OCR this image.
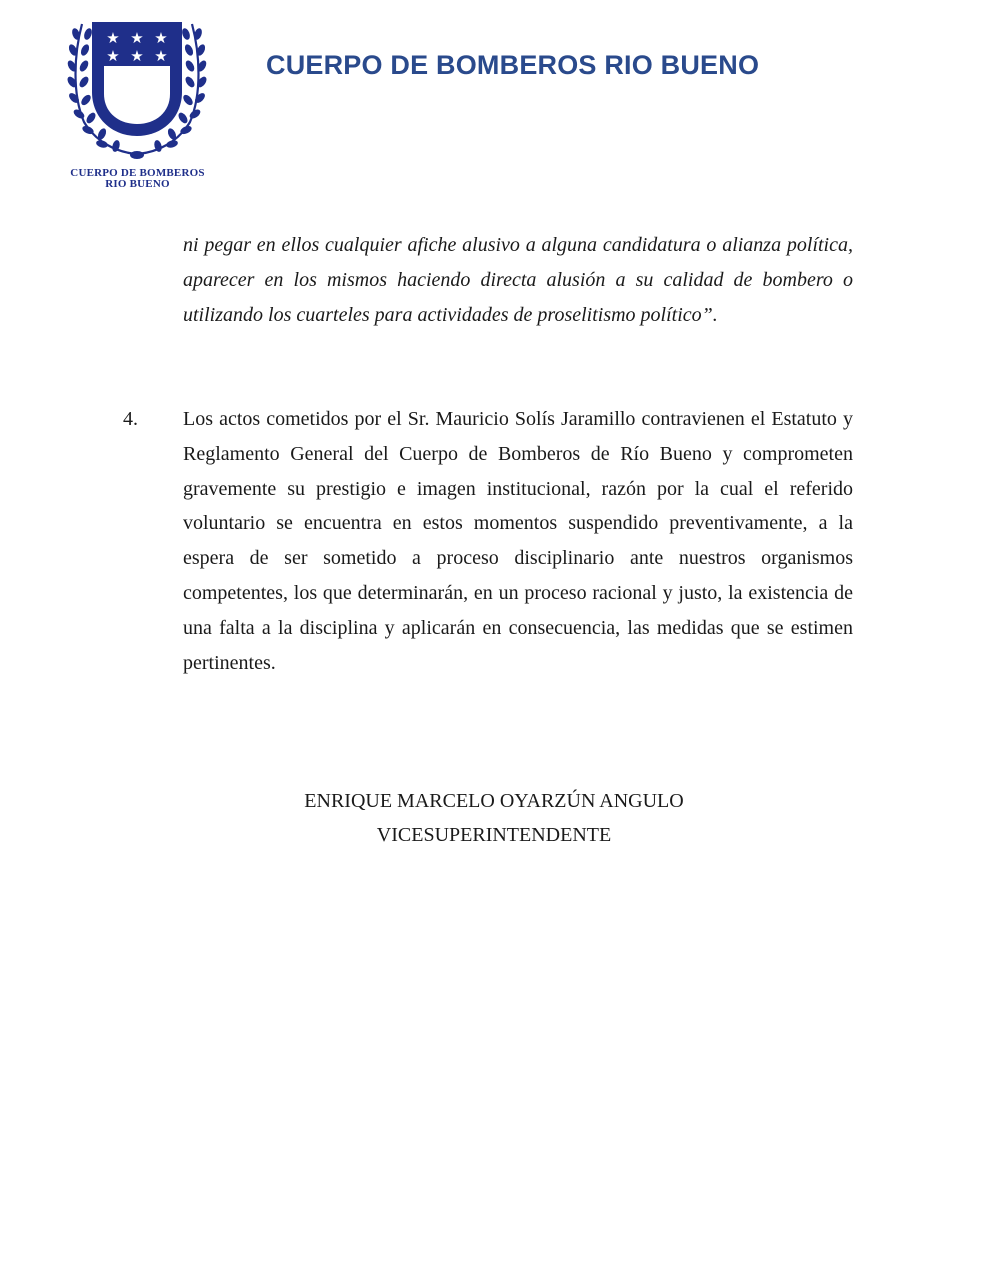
★ ★ ★
★ ★ ★
CUERPO DE BOMBEROS
RIO BUENO
CUERPO DE BOMBEROS RIO BUENO

ni pegar en ellos cualquier afiche alusivo a alguna candidatura o alianza política, aparecer en los mismos haciendo directa alusión a su calidad de bombero o utilizando los cuarteles para actividades de proselitismo político”.

4. Los actos cometidos por el Sr. Mauricio Solís Jaramillo contravienen el Estatuto y Reglamento General del Cuerpo de Bomberos de Río Bueno y comprometen gravemente su prestigio e imagen institucional, razón por la cual el referido voluntario se encuentra en estos momentos suspendido preventivamente, a la espera de ser sometido a proceso disciplinario ante nuestros organismos competentes, los que determinarán, en un proceso racional y justo, la existencia de una falta a la disciplina y aplicarán en consecuencia, las medidas que se estimen pertinentes.

ENRIQUE MARCELO OYARZÚN ANGULO
VICESUPERINTENDENTE
